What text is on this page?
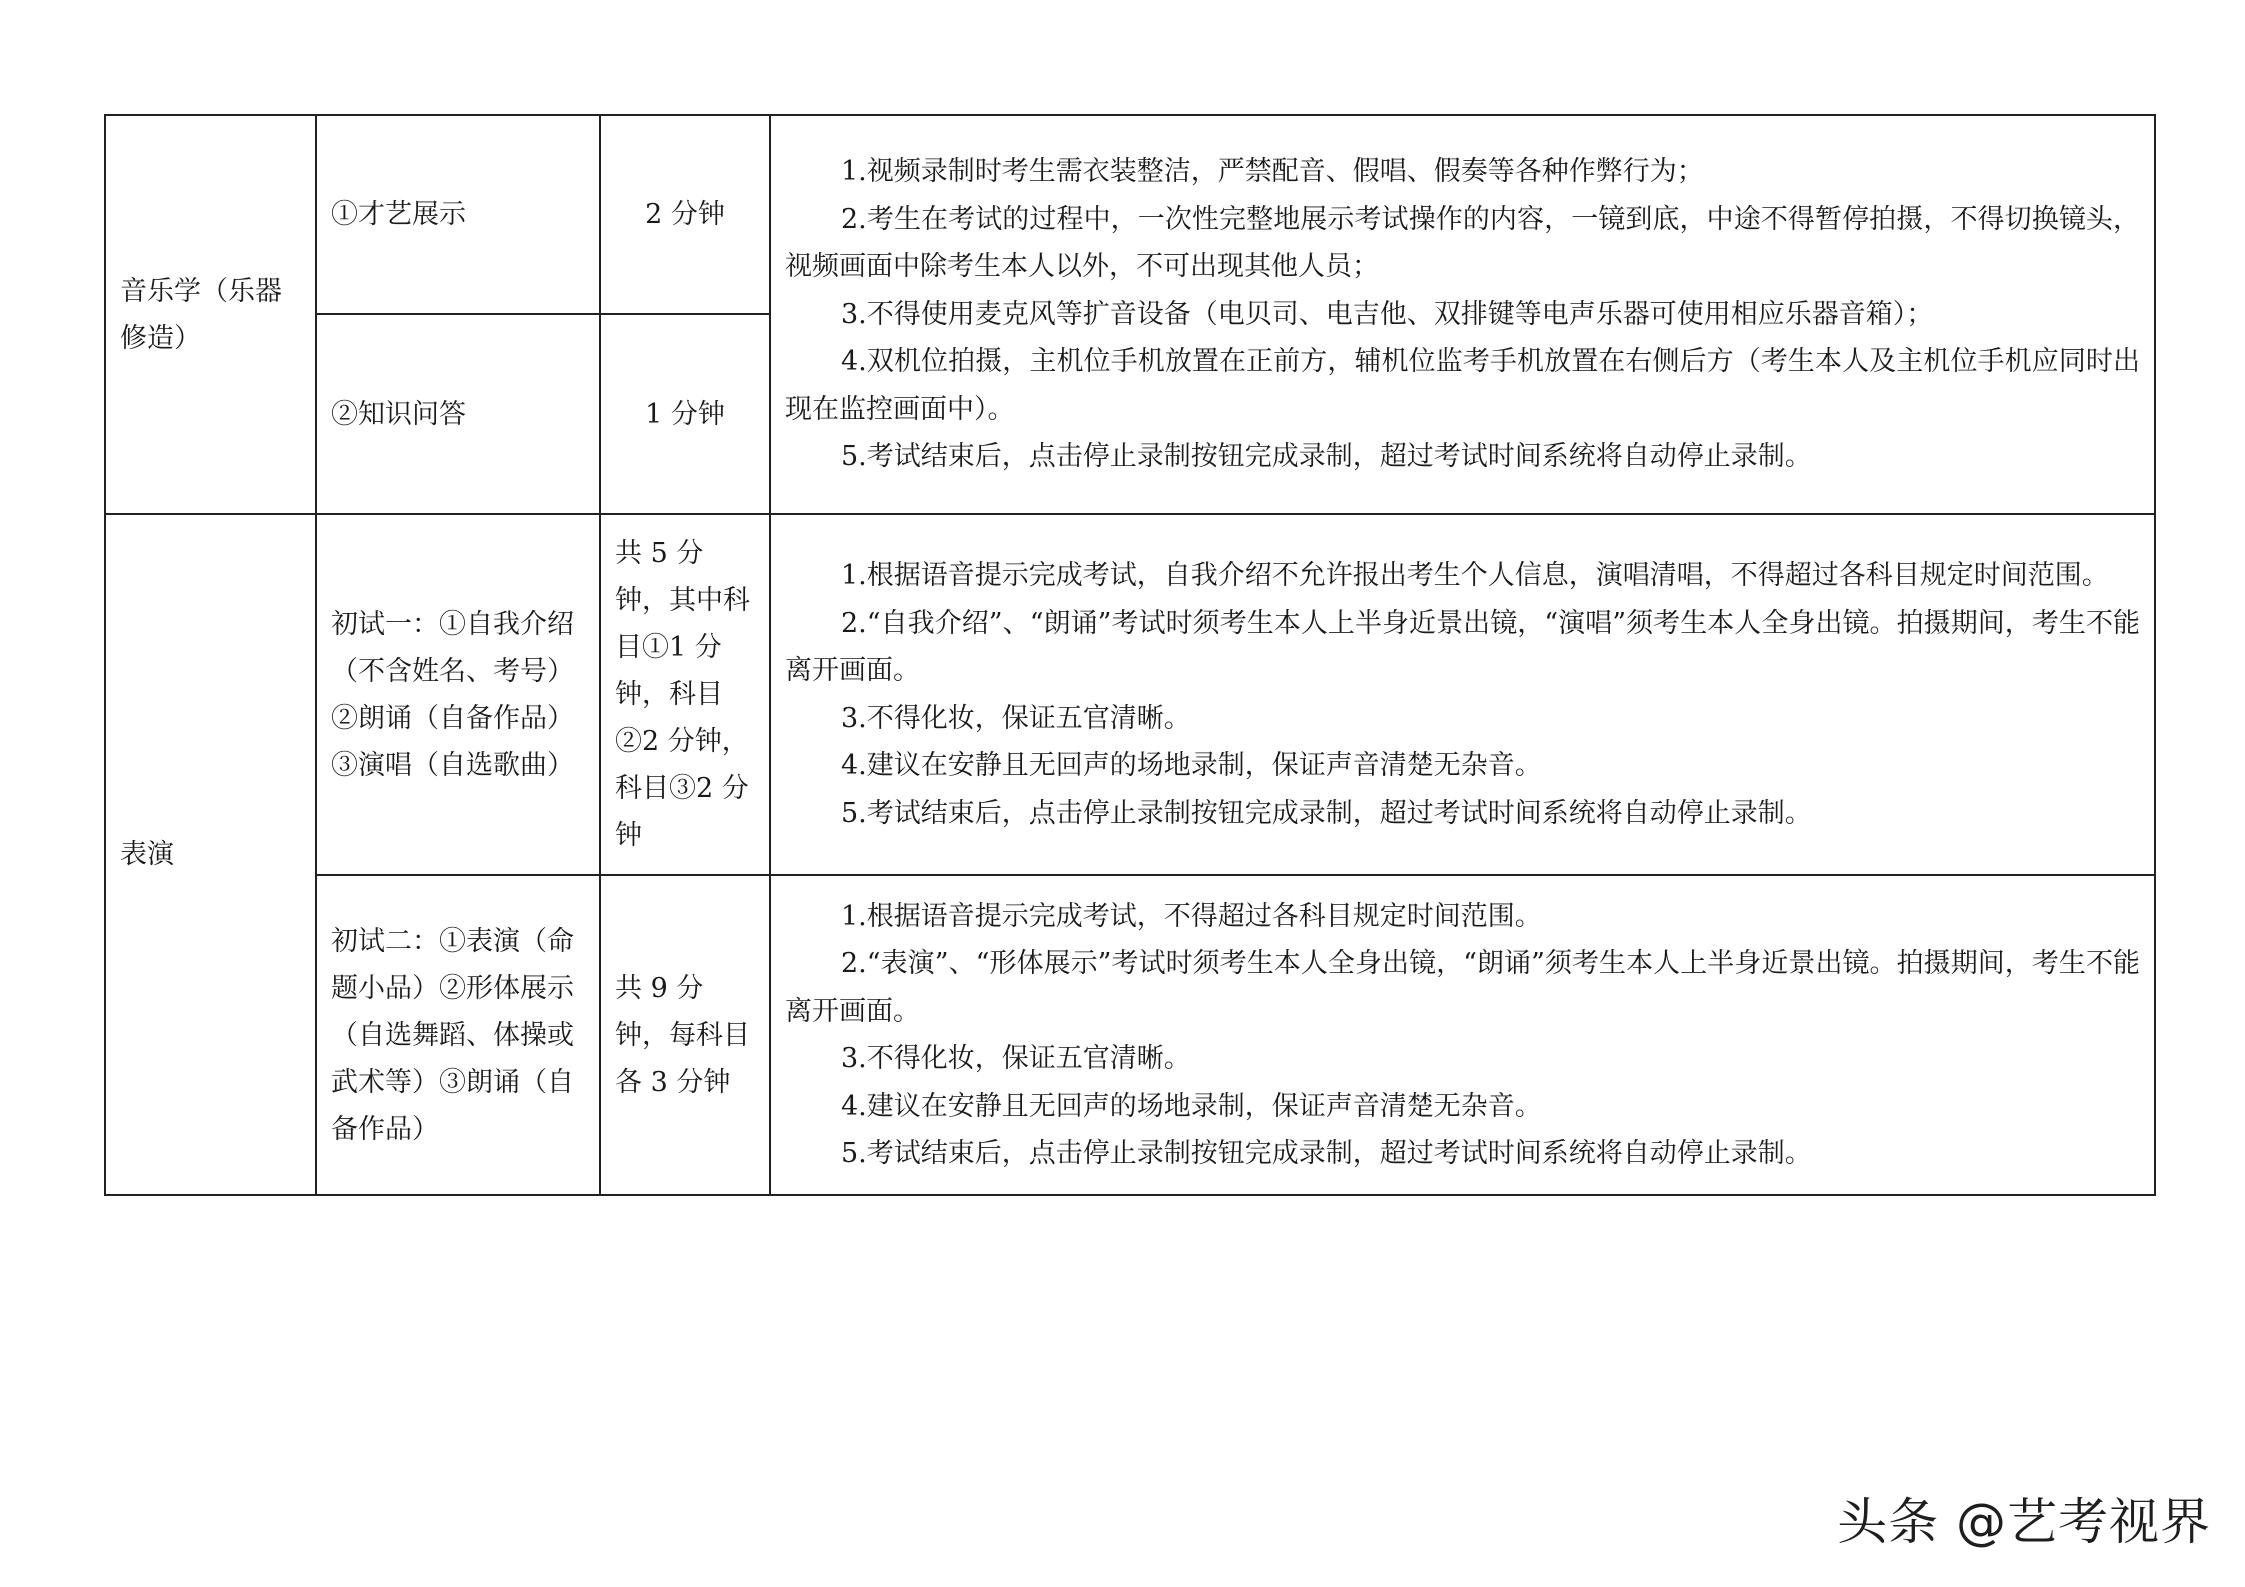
音乐学（乐器修造）	①才艺展示	2 分钟	1.视频录制时考生需衣装整洁，严禁配音、假唱、假奏等各种作弊行为；

2.考生在考试的过程中，一次性完整地展示考试操作的内容，一镜到底，中途不得暂停拍摄，不得切换镜头，视频画面中除考生本人以外，不可出现其他人员；

3.不得使用麦克风等扩音设备（电贝司、电吉他、双排键等电声乐器可使用相应乐器音箱）；

4.双机位拍摄，主机位手机放置在正前方，辅机位监考手机放置在右侧后方（考生本人及主机位手机应同时出现在监控画面中）。

5.考试结束后，点击停止录制按钮完成录制，超过考试时间系统将自动停止录制。

	②知识问答	1 分钟	
表演	初试一：①自我介绍（不含姓名、考号）②朗诵（自备作品）③演唱（自选歌曲）	共 5 分钟，其中科目①1 分钟，科目②2 分钟，科目③2 分钟	1.根据语音提示完成考试，自我介绍不允许报出考生个人信息，演唱清唱，不得超过各科目规定时间范围。

2.“自我介绍”、“朗诵”考试时须考生本人上半身近景出镜，“演唱”须考生本人全身出镜。拍摄期间，考生不能离开画面。

3.不得化妆，保证五官清晰。

4.建议在安静且无回声的场地录制，保证声音清楚无杂音。

5.考试结束后，点击停止录制按钮完成录制，超过考试时间系统将自动停止录制。

	初试二：①表演（命题小品）②形体展示（自选舞蹈、体操或武术等）③朗诵（自备作品）	共 9 分钟，每科目各 3 分钟	1.根据语音提示完成考试，不得超过各科目规定时间范围。

2.“表演”、“形体展示”考试时须考生本人全身出镜，“朗诵”须考生本人上半身近景出镜。拍摄期间，考生不能离开画面。

3.不得化妆，保证五官清晰。

4.建议在安静且无回声的场地录制，保证声音清楚无杂音。

5.考试结束后，点击停止录制按钮完成录制，超过考试时间系统将自动停止录制。

头条 @艺考视界
